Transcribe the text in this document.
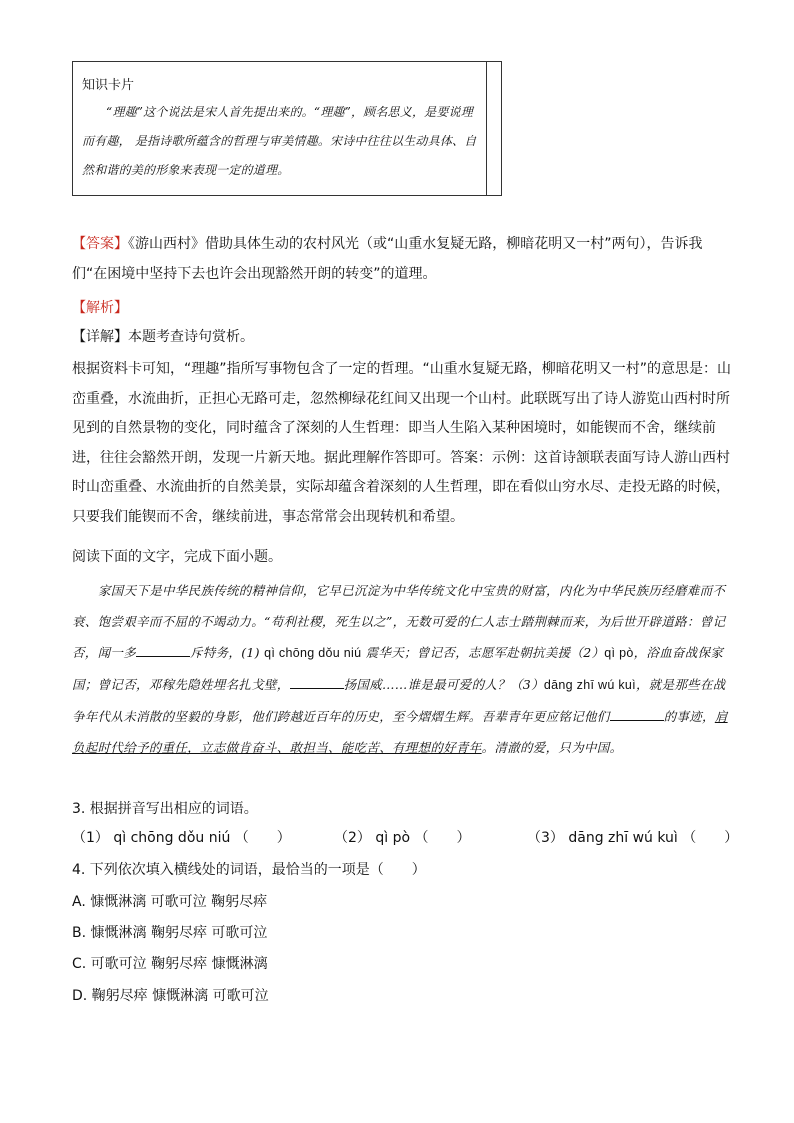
知识卡片
“理趣”这个说法是宋人首先提出来的。“理趣”，顾名思义，是要说理而有趣， 是指诗歌所蕴含的哲理与审美情趣。宋诗中往往以生动具体、自然和谐的美的形象来表现一定的道理。
【答案】《游山西村》借助具体生动的农村风光（或“山重水复疑无路，柳暗花明又一村”两句），告诉我们“在困境中坚持下去也许会出现豁然开朗的转变”的道理。
【解析】
【详解】本题考查诗句赏析。
根据资料卡可知，“理趣”指所写事物包含了一定的哲理。“山重水复疑无路，柳暗花明又一村”的意思是：山峦重叠，水流曲折，正担心无路可走，忽然柳绿花红间又出现一个山村。此联既写出了诗人游览山西村时所见到的自然景物的变化，同时蕴含了深刻的人生哲理：即当人生陷入某种困境时，如能锲而不舍，继续前进，往往会豁然开朗，发现一片新天地。据此理解作答即可。答案：示例：这首诗颔联表面写诗人游山西村时山峦重叠、水流曲折的自然美景，实际却蕴含着深刻的人生哲理，即在看似山穷水尽、走投无路的时候，只要我们能锲而不舍，继续前进，事态常常会出现转机和希望。
阅读下面的文字，完成下面小题。
家国天下是中华民族传统的精神信仰，它早已沉淀为中华传统文化中宝贵的财富，内化为中华民族历经磨难而不衰、饱尝艰辛而不屈的不竭动力。“苟利社稷，死生以之”，无数可爱的仁人志士踏荆棘而来，为后世开辟道路：曾记否，闻一多	斥特务，(1) qì chōng dǒu niú 震华天；曾记否，志愿军赴朝抗美援（2）qì pò，浴血奋战保家国；曾记否，邓稼先隐姓埋名扎戈壁，	扬国威……谁是最可爱的人？（3）dāng zhī wú kuì，就是那些在战争年代从未消散的坚毅的身影，他们跨越近百年的历史，至今熠熠生辉。吾辈青年更应铭记他们	的事迹，肩负起时代给予的重任，立志做肯奋斗、敢担当、能吃苦、有理想的好青年。清澈的爱，只为中国。
3. 根据拼音写出相应的词语。
（1） qì chōng dǒu niú （　　）	（2） qì pò （　　）	（3） dāng zhī wú kuì （　　）
4. 下列依次填入横线处的词语，最恰当的一项是（　　）
A. 慷慨淋漓 可歌可泣 鞠躬尽瘁
B. 慷慨淋漓 鞠躬尽瘁 可歌可泣
C. 可歌可泣 鞠躬尽瘁 慷慨淋漓
D. 鞠躬尽瘁 慷慨淋漓 可歌可泣
